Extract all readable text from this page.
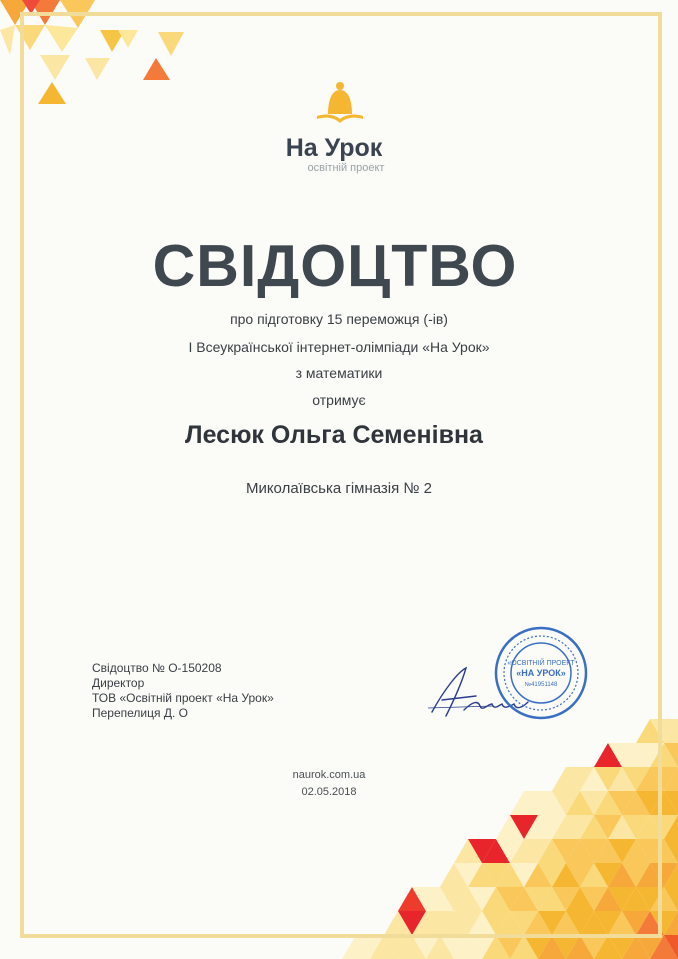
На Урок
освітній проект
СВІДОЦТВО
про підготовку 15 переможця (-ів)
І Всеукраїнської інтернет-олімпіади «На Урок»
з математики
отримує
Лесюк Ольга Семенівна
Миколаївська гімназія № 2
Свідоцтво № О-150208
Директор
ТОВ «Освітній проект «На Урок»
Перепелиця Д. О
«ОСВІТНІЙ ПРОЕКТ
«НА УРОК»
№41951148
naurok.com.ua
02.05.2018
